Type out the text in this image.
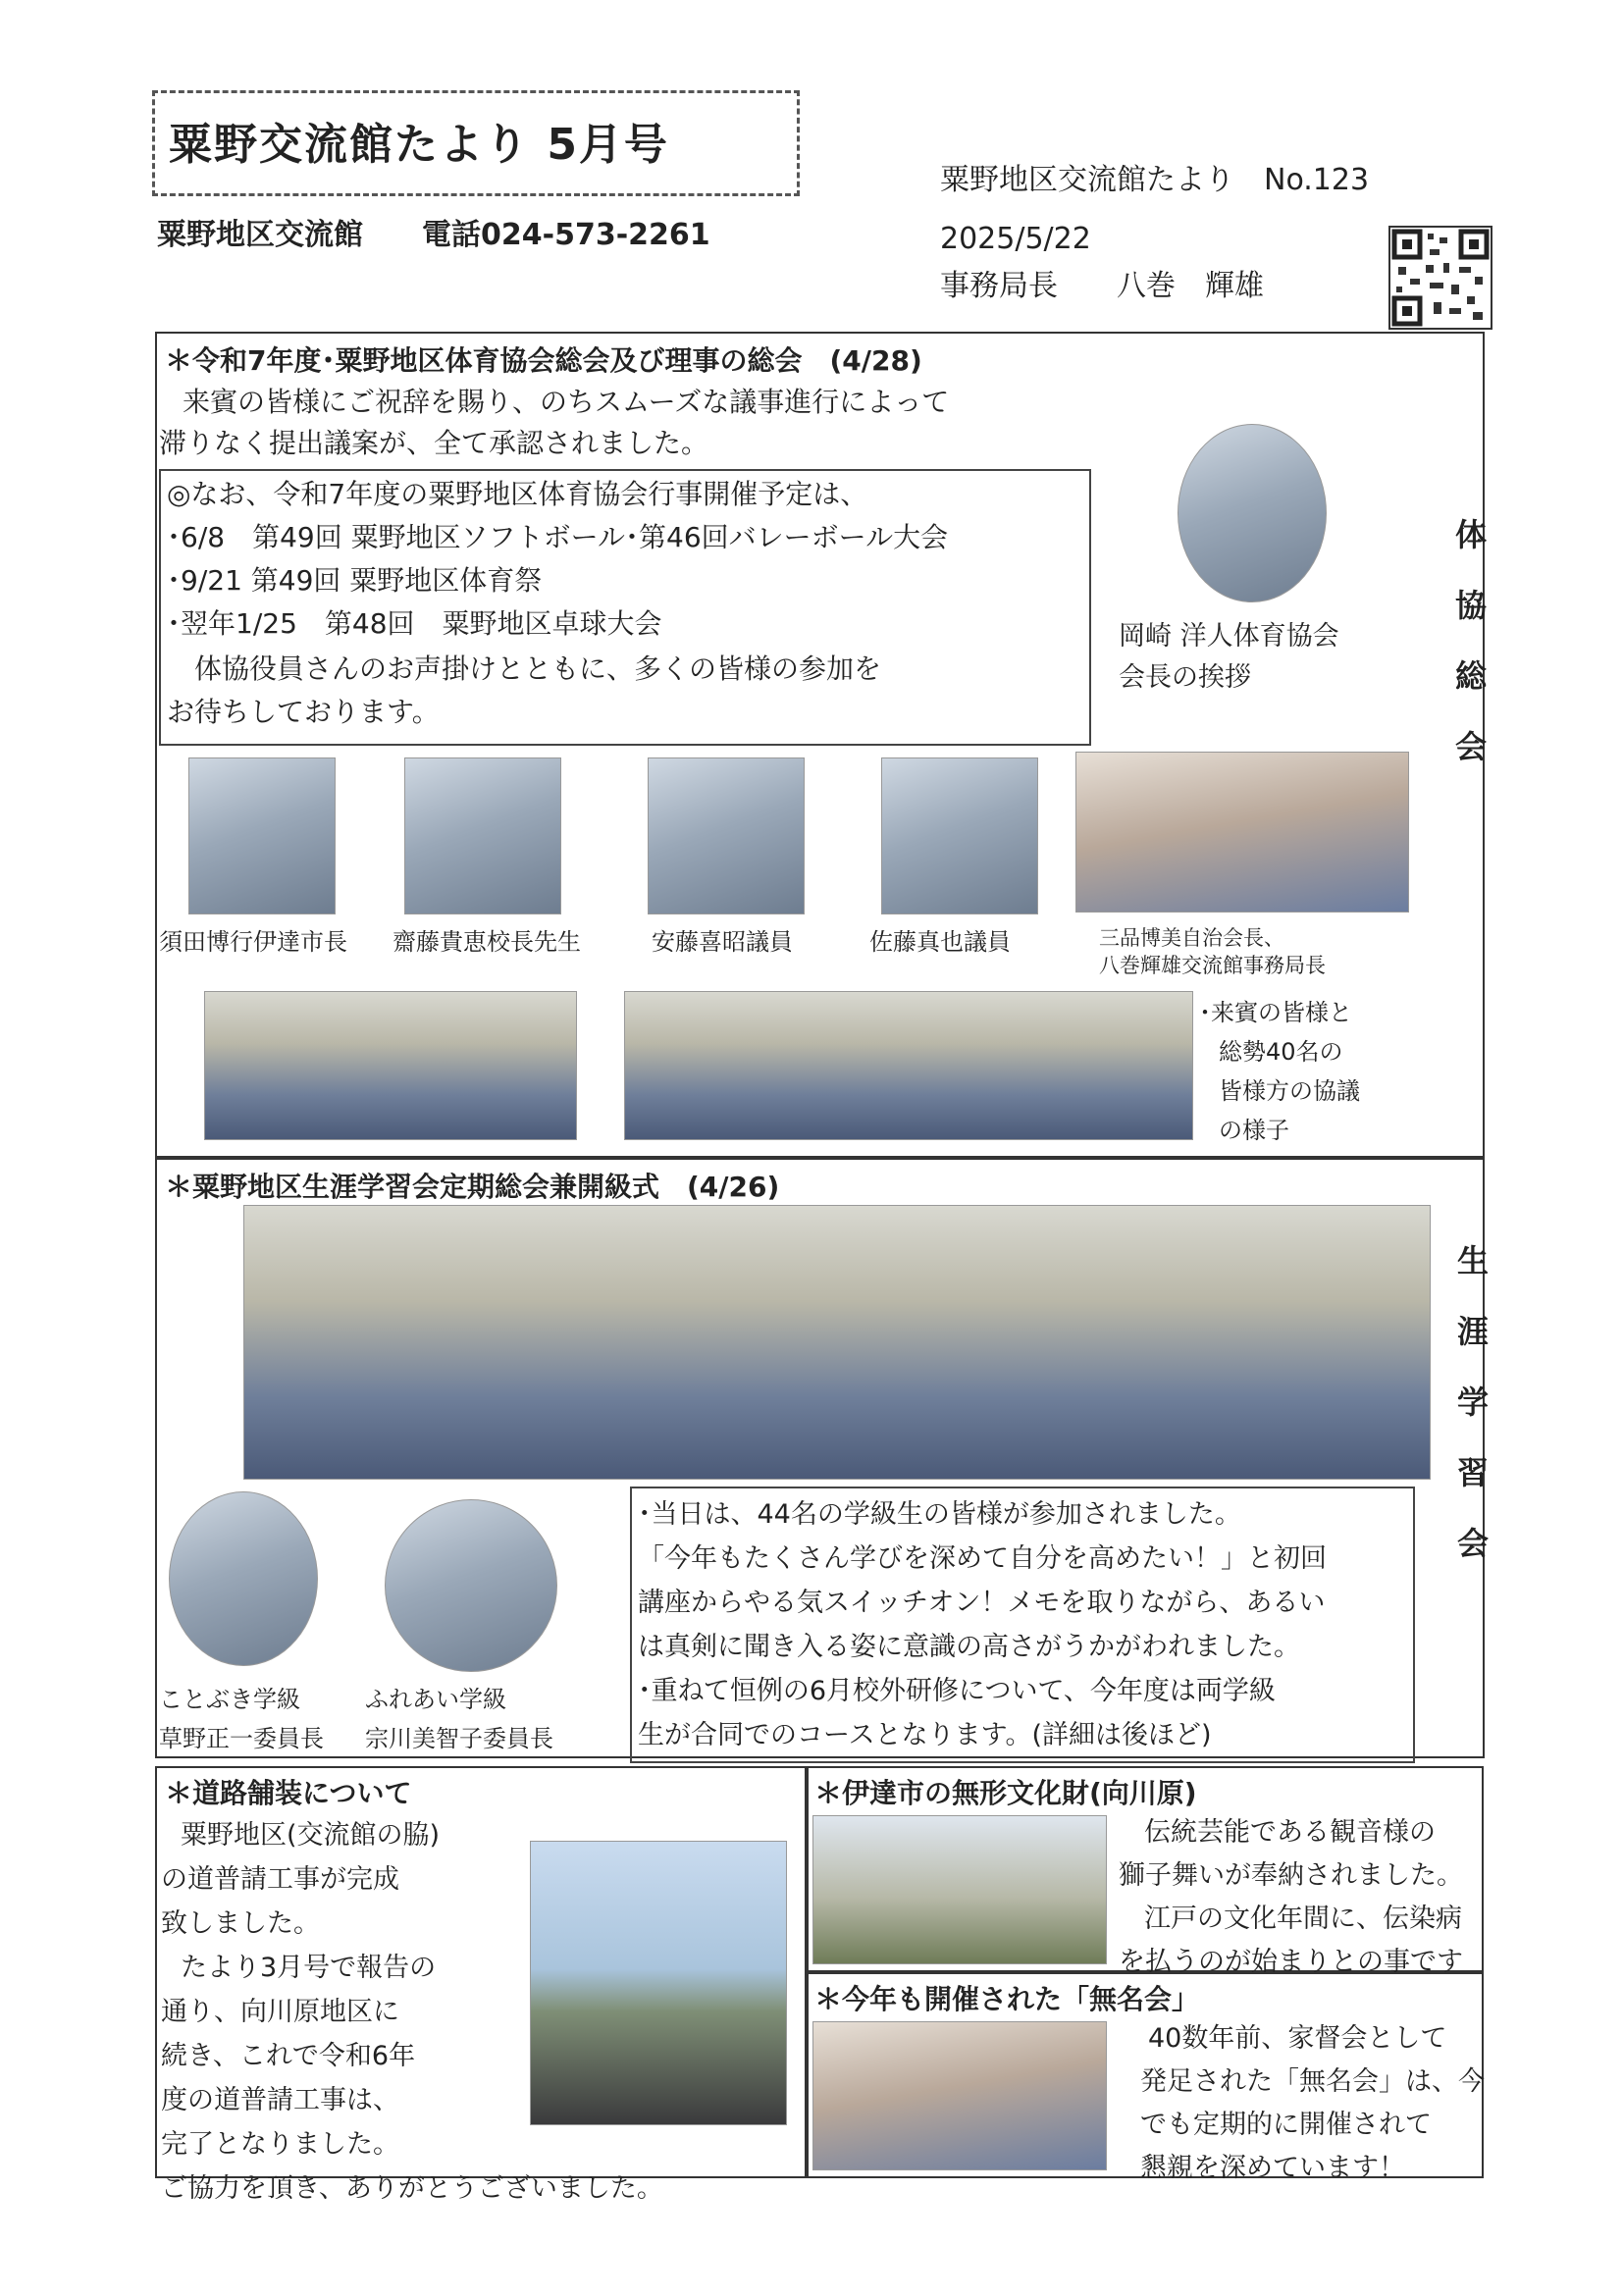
粟野交流館たより 5月号
粟野地区交流館　　電話024-573-2261
粟野地区交流館たより　No.123
2025/5/22
事務局長　　八巻　輝雄
＊令和7年度･粟野地区体育協会総会及び理事の総会　(4/28)
来賓の皆様にご祝辞を賜り、のちスムーズな議事進行によって
滞りなく提出議案が、全て承認されました。
◎なお、令和7年度の粟野地区体育協会行事開催予定は、
･6/8　第49回 粟野地区ソフトボール･第46回バレーボール大会
･9/21 第49回 粟野地区体育祭
･翌年1/25　第48回　粟野地区卓球大会
　体協役員さんのお声掛けとともに、多くの皆様の参加を
お待ちしております。
岡崎 洋人体育協会
会長の挨拶	体協総会
須田博行伊達市長 齋藤貴恵校長先生	安藤喜昭議員	佐藤真也議員	三品博美自治会長、
八巻輝雄交流館事務局長
･来賓の皆様と
総勢40名の
皆様方の協議
の様子
＊粟野地区生涯学習会定期総会兼開級式　(4/26)
生涯学習会
ことぶき学級
草野正一委員長
ふれあい学級
宗川美智子委員長
･当日は、44名の学級生の皆様が参加されました。
「今年もたくさん学びを深めて自分を高めたい！」と初回
講座からやる気スイッチオン！メモを取りながら、あるい
は真剣に聞き入る姿に意識の高さがうかがわれました。
･重ねて恒例の6月校外研修について、今年度は両学級
生が合同でのコースとなります。(詳細は後ほど)
＊道路舗装について
粟野地区(交流館の脇)
の道普請工事が完成
致しました。
たより3月号で報告の
通り、向川原地区に
続き、これで令和6年
度の道普請工事は、
完了となりました。
ご協力を頂き、ありがとうございました。
＊伊達市の無形文化財(向川原)
伝統芸能である観音様の
獅子舞いが奉納されました。
江戸の文化年間に、伝染病
を払うのが始まりとの事です
＊今年も開催された「無名会」
40数年前、家督会として
発足された「無名会」は、今
でも定期的に開催されて
懇親を深めています！
